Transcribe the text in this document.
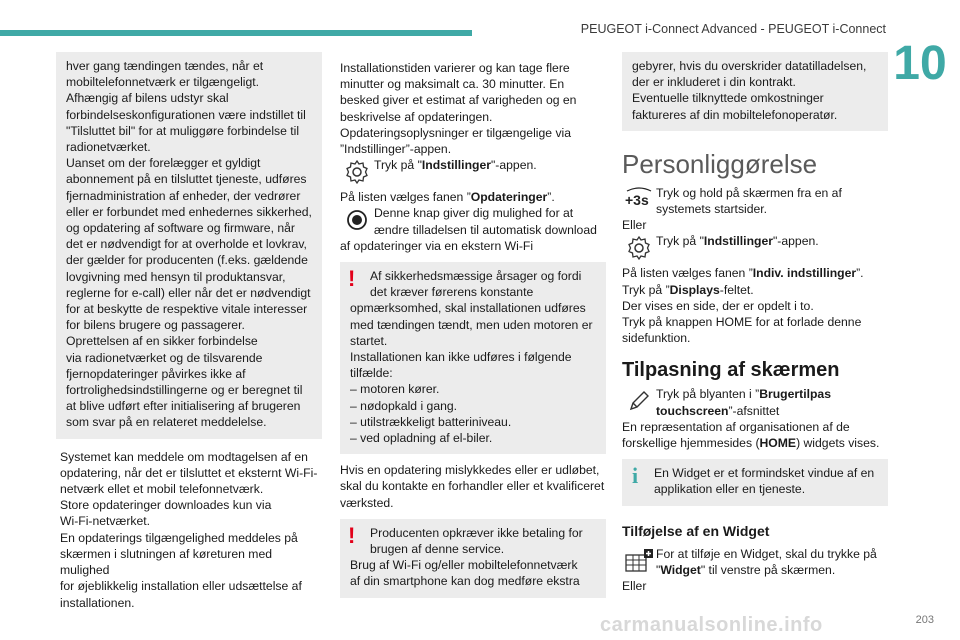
PEUGEOT i-Connect Advanced - PEUGEOT i-Connect
10
hver gang tændingen tændes, når et
mobiltelefonnetværk er tilgængeligt.
Afhængig af bilens udstyr skal
forbindelseskonfigurationen være indstillet til
"Tilsluttet bil" for at muliggøre forbindelse til
radionetværket.
Uanset om der forelægger et gyldigt
abonnement på en tilsluttet tjeneste, udføres
fjernadministration af enheder, der vedrører
eller er forbundet med enhedernes sikkerhed,
og opdatering af software og firmware, når
det er nødvendigt for at overholde et lovkrav,
der gælder for producenten (f.eks. gældende
lovgivning med hensyn til produktansvar,
reglerne for e-call) eller når det er nødvendigt
for at beskytte de respektive vitale interesser
for bilens brugere og passagerer.
Oprettelsen af en sikker forbindelse
via radionetværket og de tilsvarende
fjernopdateringer påvirkes ikke af
fortrolighedsindstillingerne og er beregnet til
at blive udført efter initialisering af brugeren
som svar på en relateret meddelelse.
Systemet kan meddele om modtagelsen af en
opdatering, når det er tilsluttet et eksternt Wi-Fi-
netværk ellet et mobil telefonnetværk.
Store opdateringer downloades kun via
Wi-Fi-netværket.
En opdaterings tilgængelighed meddeles på
skærmen i slutningen af køreturen med mulighed
for øjeblikkelig installation eller udsættelse af
installationen.
Installationstiden varierer og kan tage flere
minutter og maksimalt ca. 30 minutter. En
besked giver et estimat af varigheden og en
beskrivelse af opdateringen.
Opdateringsoplysninger er tilgængelige via
”Indstillinger”-appen.
Tryk på "Indstillinger"-appen.

På listen vælges fanen ”Opdateringer”.

Denne knap giver dig mulighed for at
ændre tilladelsen til automatisk download

af opdateringer via en ekstern Wi-Fi

! Af sikkerhedsmæssige årsager og fordi
det kræver førerens konstante
opmærksomhed, skal installationen udføres
med tændingen tændt, men uden motoren er
startet.
Installationen kan ikke udføres i følgende
tilfælde:
– motoren kører.
– nødopkald i gang.
– utilstrækkeligt batteriniveau.
– ved opladning af el-biler.
Hvis en opdatering mislykkedes eller er udløbet,
skal du kontakte en forhandler eller et kvalificeret
værksted.
! Producenten opkræver ikke betaling for
brugen af denne service.
Brug af Wi-Fi og/eller mobiltelefonnetværk
af din smartphone kan dog medføre ekstra
gebyrer, hvis du overskrider datatilladelsen,
der er inkluderet i din kontrakt.
Eventuelle tilknyttede omkostninger
faktureres af din mobiltelefonoperatør.
Personliggørelse
+3s Tryk og hold på skærmen fra en af
systemets startsider.

Eller

Tryk på "Indstillinger"-appen.

På listen vælges fanen ”Indiv. indstillinger”.

Tryk på ”Displays-feltet.

Der vises en side, der er opdelt i to.

Tryk på knappen HOME for at forlade denne
sidefunktion.
Tilpasning af skærmen
Tryk på blyanten i ”Brugertilpas
touchscreen”-afsnittet
En repræsentation af organisationen af de

forskellige hjemmesides (HOME) widgets vises.

i En Widget er et formindsket vindue af en
applikation eller en tjeneste.
Tilføjelse af en Widget
For at tilføje en Widget, skal du trykke på
"Widget" til venstre på skærmen.

Eller

carmanualsonline.info	203
